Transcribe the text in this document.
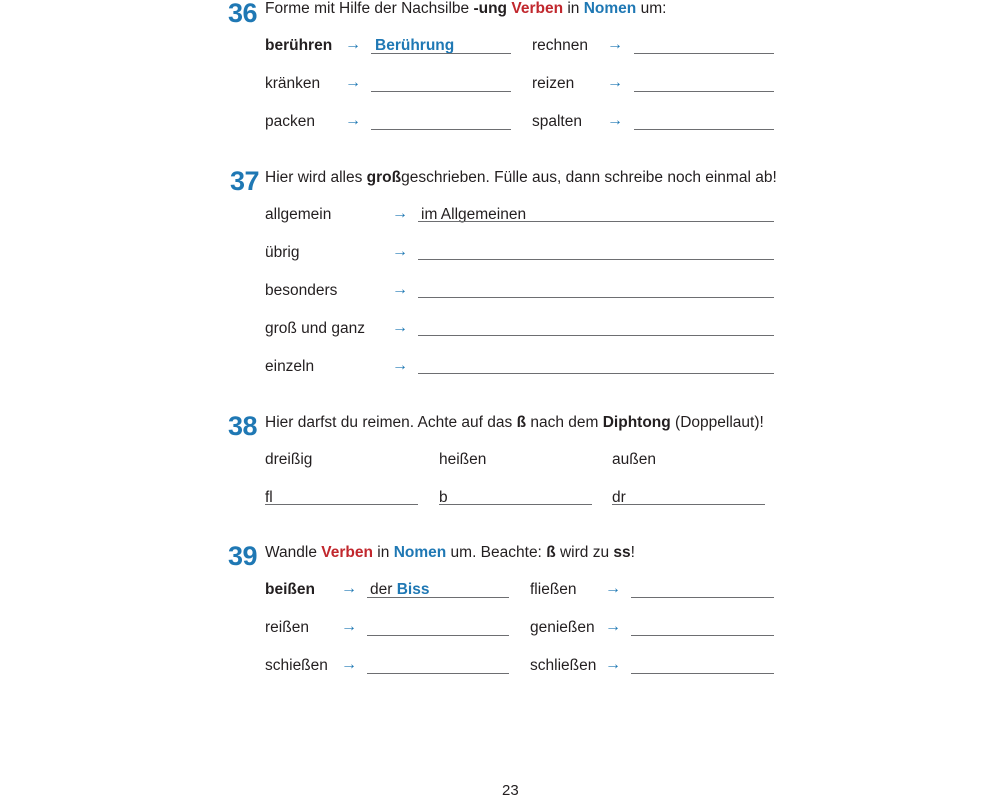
36 Forme mit Hilfe der Nachsilbe -ung Verben in Nomen um:
berühren → Berührung	rechnen →
kränken →	reizen →
packen →	spalten →
37 Hier wird alles großgeschrieben. Fülle aus, dann schreibe noch einmal ab!
allgemein	→ im Allgemeinen
übrig	→
besonders	→
groß und ganz →
einzeln	→
38 Hier darfst du reimen. Achte auf das ß nach dem Diphtong (Doppellaut)!
dreißig	heißen	außen
fl	b	dr
39 Wandle Verben in Nomen um. Beachte: ß wird zu ss!
beißen → der Biss	fließen →
reißen →	genießen →
schießen →	schließen →
23
